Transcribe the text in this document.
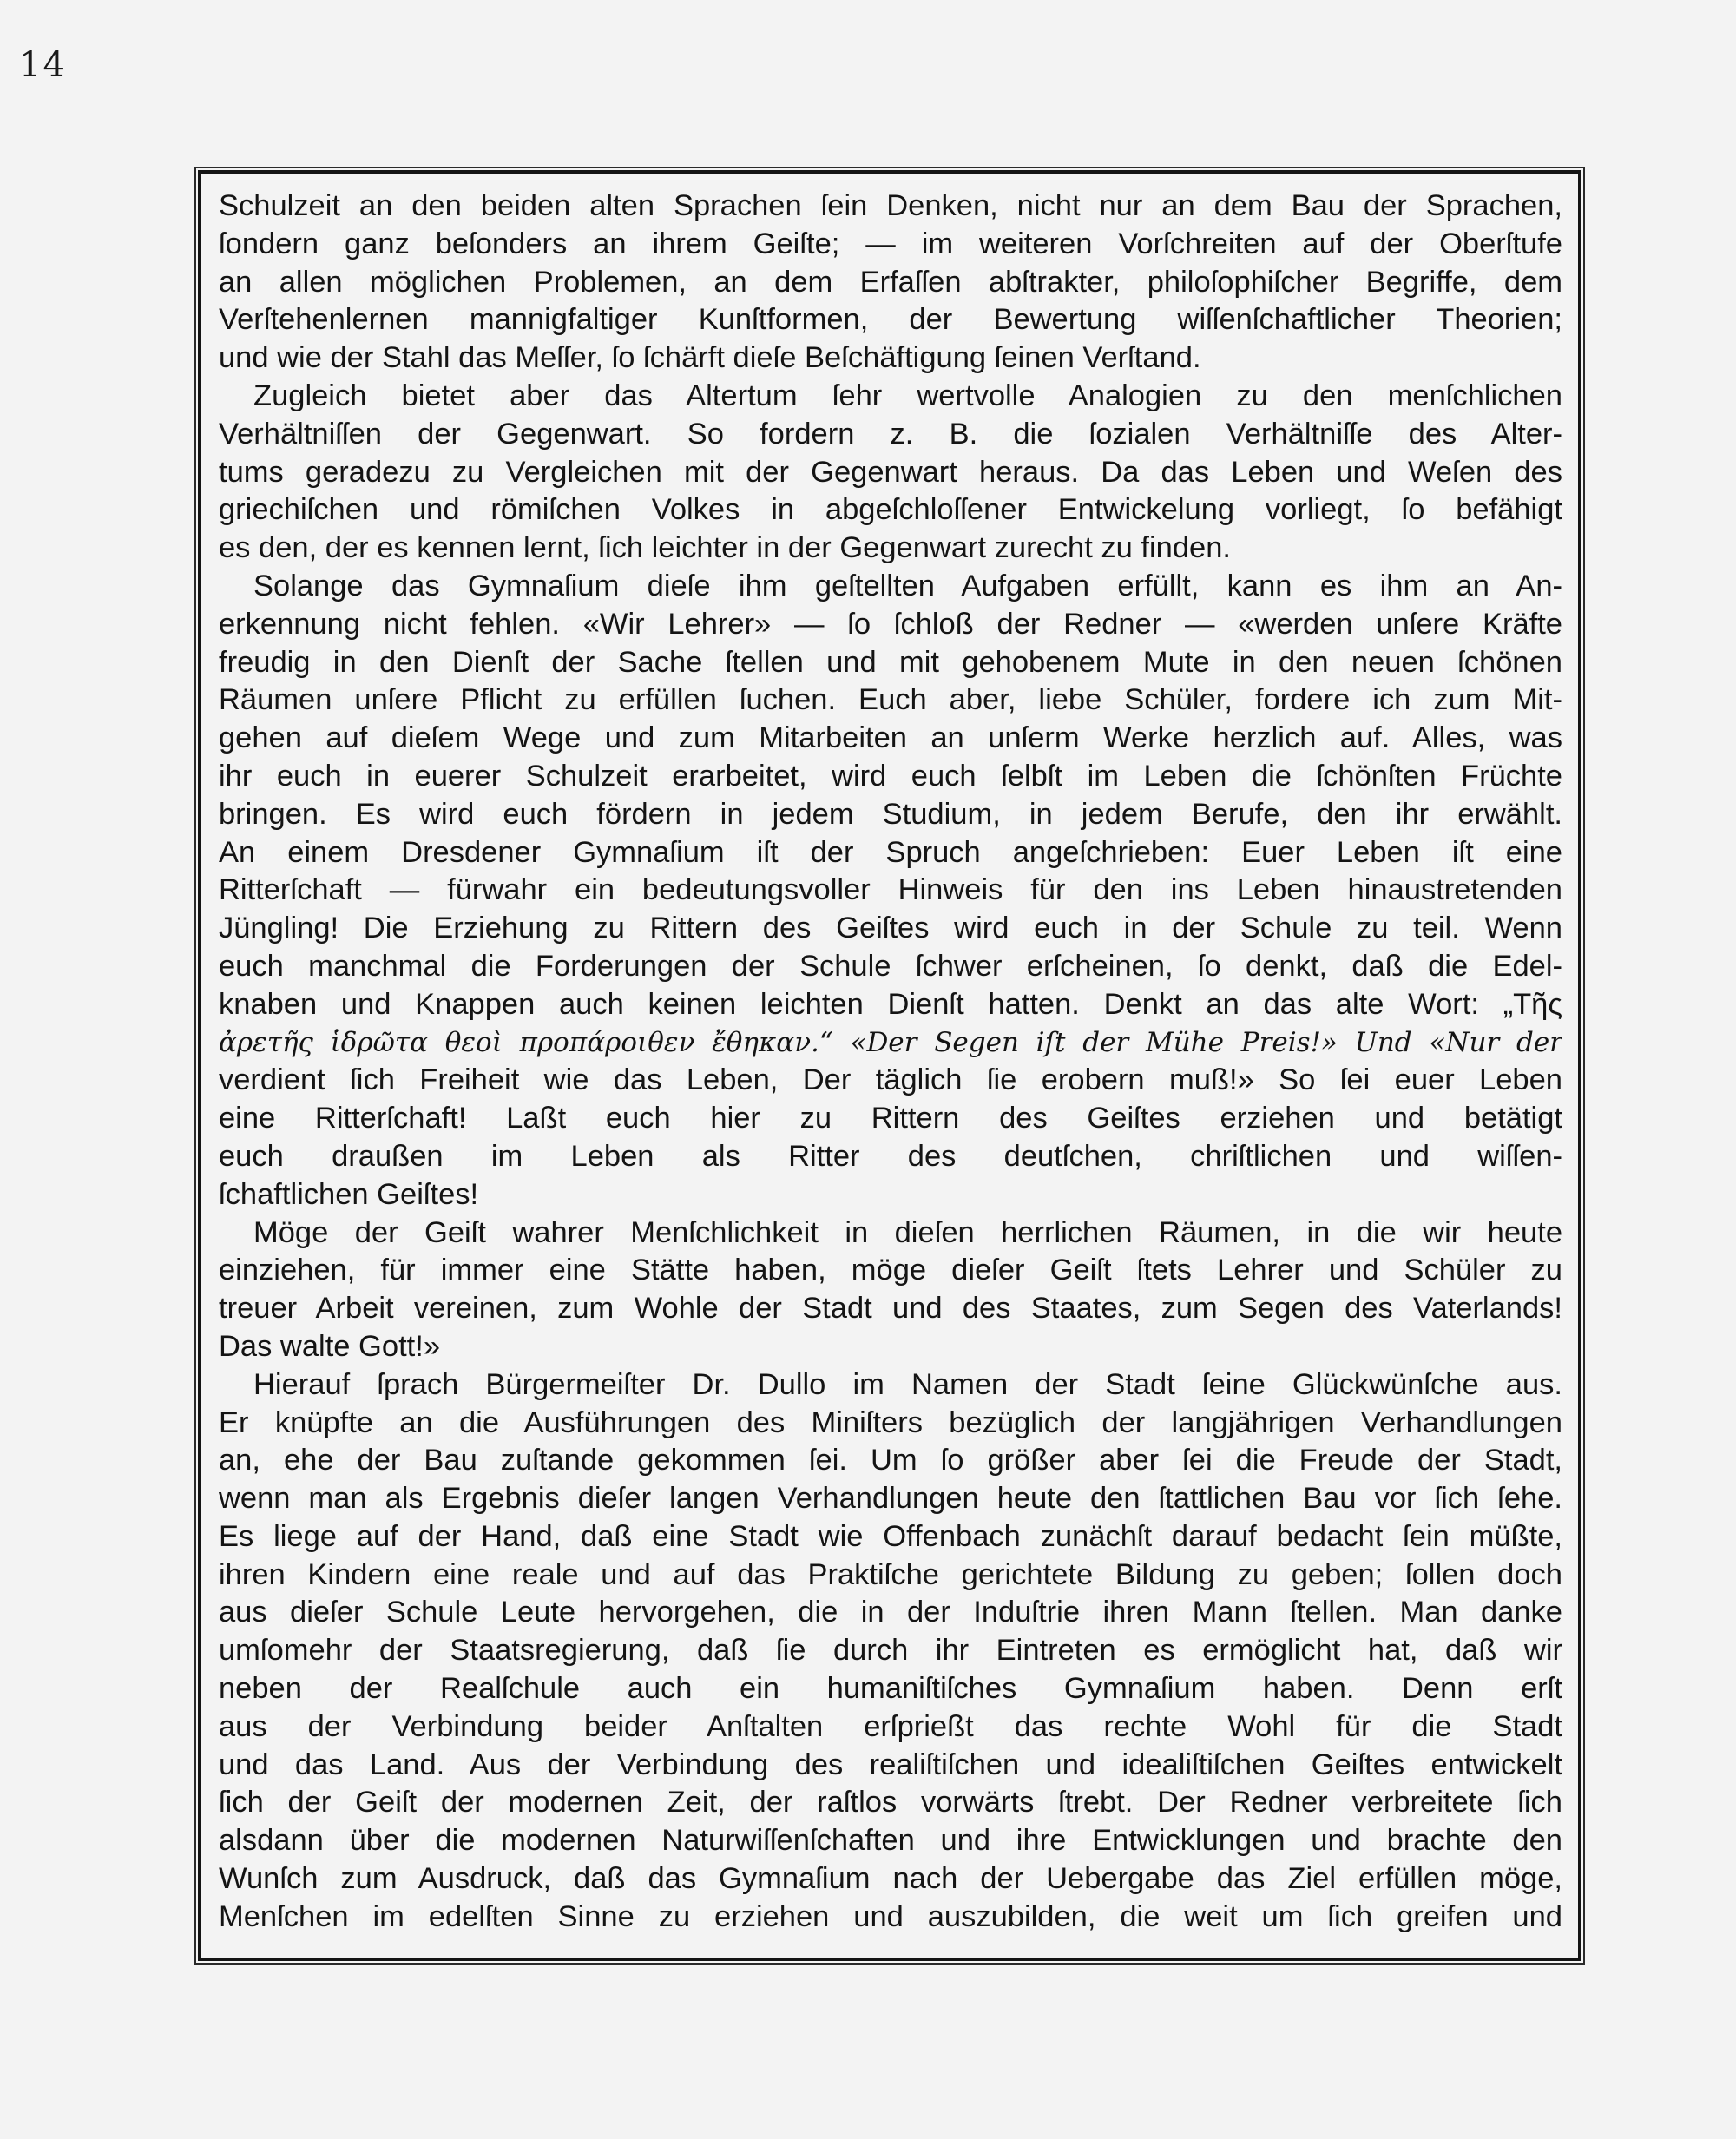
14
Schulzeit an den beiden alten Sprachen ſein Denken, nicht nur an dem Bau der Sprachen,
ſondern ganz beſonders an ihrem Geiſte; — im weiteren Vorſchreiten auf der Oberſtufe
an allen möglichen Problemen, an dem Erfaſſen abſtrakter, philoſophiſcher Begriffe, dem
Verſtehenlernen mannigfaltiger Kunſtformen, der Bewertung wiſſenſchaftlicher Theorien;
und wie der Stahl das Meſſer, ſo ſchärft dieſe Beſchäftigung ſeinen Verſtand.
Zugleich bietet aber das Altertum ſehr wertvolle Analogien zu den menſchlichen
Verhältniſſen der Gegenwart. So fordern z. B. die ſozialen Verhältniſſe des Alter-
tums geradezu zu Vergleichen mit der Gegenwart heraus. Da das Leben und Weſen des
griechiſchen und römiſchen Volkes in abgeſchloſſener Entwickelung vorliegt, ſo befähigt
es den, der es kennen lernt, ſich leichter in der Gegenwart zurecht zu finden.
Solange das Gymnaſium dieſe ihm geſtellten Aufgaben erfüllt, kann es ihm an An-
erkennung nicht fehlen. «Wir Lehrer» — ſo ſchloß der Redner — «werden unſere Kräfte
freudig in den Dienſt der Sache ſtellen und mit gehobenem Mute in den neuen ſchönen
Räumen unſere Pflicht zu erfüllen ſuchen. Euch aber, liebe Schüler, fordere ich zum Mit-
gehen auf dieſem Wege und zum Mitarbeiten an unſerm Werke herzlich auf. Alles, was
ihr euch in euerer Schulzeit erarbeitet, wird euch ſelbſt im Leben die ſchönſten Früchte
bringen. Es wird euch fördern in jedem Studium, in jedem Berufe, den ihr erwählt.
An einem Dresdener Gymnaſium iſt der Spruch angeſchrieben: Euer Leben iſt eine
Ritterſchaft — fürwahr ein bedeutungsvoller Hinweis für den ins Leben hinaustretenden
Jüngling! Die Erziehung zu Rittern des Geiſtes wird euch in der Schule zu teil. Wenn
euch manchmal die Forderungen der Schule ſchwer erſcheinen, ſo denkt, daß die Edel-
knaben und Knappen auch keinen leichten Dienſt hatten. Denkt an das alte Wort: „Τῆς
ἀρετῆς ἱδρῶτα θεοὶ προπάροιθεν ἔθηκαν.“ «Der Segen iſt der Mühe Preis!» Und «Nur der
verdient ſich Freiheit wie das Leben, Der täglich ſie erobern muß!» So ſei euer Leben
eine Ritterſchaft! Laßt euch hier zu Rittern des Geiſtes erziehen und betätigt
euch draußen im Leben als Ritter des deutſchen, chriſtlichen und wiſſen-
ſchaftlichen Geiſtes!
Möge der Geiſt wahrer Menſchlichkeit in dieſen herrlichen Räumen, in die wir heute
einziehen, für immer eine Stätte haben, möge dieſer Geiſt ſtets Lehrer und Schüler zu
treuer Arbeit vereinen, zum Wohle der Stadt und des Staates, zum Segen des Vaterlands!
Das walte Gott!»
Hierauf ſprach Bürgermeiſter Dr. Dullo im Namen der Stadt ſeine Glückwünſche aus.
Er knüpfte an die Ausführungen des Miniſters bezüglich der langjährigen Verhandlungen
an, ehe der Bau zuſtande gekommen ſei. Um ſo größer aber ſei die Freude der Stadt,
wenn man als Ergebnis dieſer langen Verhandlungen heute den ſtattlichen Bau vor ſich ſehe.
Es liege auf der Hand, daß eine Stadt wie Offenbach zunächſt darauf bedacht ſein müßte,
ihren Kindern eine reale und auf das Praktiſche gerichtete Bildung zu geben; ſollen doch
aus dieſer Schule Leute hervorgehen, die in der Induſtrie ihren Mann ſtellen. Man danke
umſomehr der Staatsregierung, daß ſie durch ihr Eintreten es ermöglicht hat, daß wir
neben der Realſchule auch ein humaniſtiſches Gymnaſium haben. Denn erſt
aus der Verbindung beider Anſtalten erſprießt das rechte Wohl für die Stadt
und das Land. Aus der Verbindung des realiſtiſchen und idealiſtiſchen Geiſtes entwickelt
ſich der Geiſt der modernen Zeit, der raſtlos vorwärts ſtrebt. Der Redner verbreitete ſich
alsdann über die modernen Naturwiſſenſchaften und ihre Entwicklungen und brachte den
Wunſch zum Ausdruck, daß das Gymnaſium nach der Uebergabe das Ziel erfüllen möge,
Menſchen im edelſten Sinne zu erziehen und auszubilden, die weit um ſich greifen und
